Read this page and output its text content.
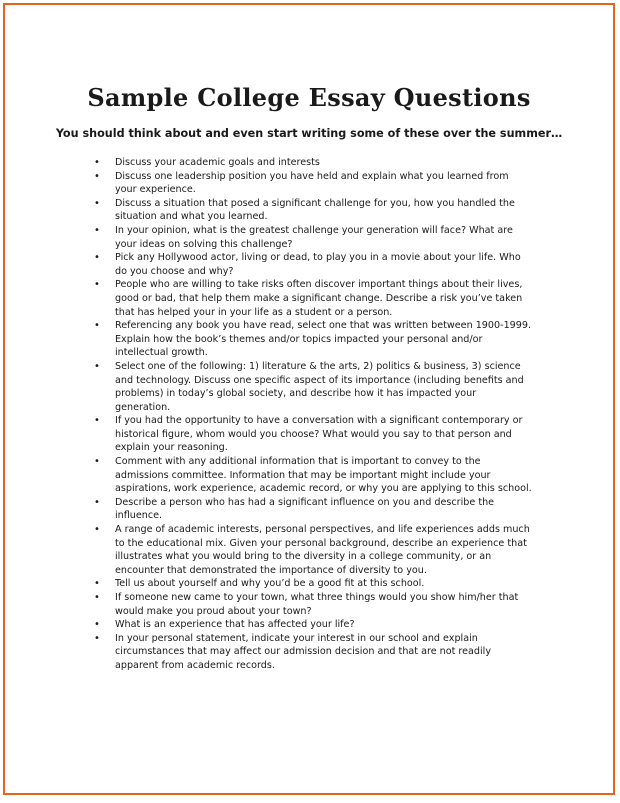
Sample College Essay Questions

You should think about and even start writing some of these over the summer…

• Discuss your academic goals and interests
• Discuss one leadership position you have held and explain what you learned from your experience.
• Discuss a situation that posed a significant challenge for you, how you handled the situation and what you learned.
• In your opinion, what is the greatest challenge your generation will face? What are your ideas on solving this challenge?
• Pick any Hollywood actor, living or dead, to play you in a movie about your life. Who do you choose and why?
• People who are willing to take risks often discover important things about their lives, good or bad, that help them make a significant change. Describe a risk you’ve taken that has helped your in your life as a student or a person.
• Referencing any book you have read, select one that was written between 1900-1999. Explain how the book’s themes and/or topics impacted your personal and/or intellectual growth.
• Select one of the following: 1) literature & the arts, 2) politics & business, 3) science and technology. Discuss one specific aspect of its importance (including benefits and problems) in today’s global society, and describe how it has impacted your generation.
• If you had the opportunity to have a conversation with a significant contemporary or historical figure, whom would you choose? What would you say to that person and explain your reasoning.
• Comment with any additional information that is important to convey to the admissions committee. Information that may be important might include your aspirations, work experience, academic record, or why you are applying to this school.
• Describe a person who has had a significant influence on you and describe the influence.
• A range of academic interests, personal perspectives, and life experiences adds much to the educational mix. Given your personal background, describe an experience that illustrates what you would bring to the diversity in a college community, or an encounter that demonstrated the importance of diversity to you.
• Tell us about yourself and why you’d be a good fit at this school.
• If someone new came to your town, what three things would you show him/her that would make you proud about your town?
• What is an experience that has affected your life?
• In your personal statement, indicate your interest in our school and explain circumstances that may affect our admission decision and that are not readily apparent from academic records.
